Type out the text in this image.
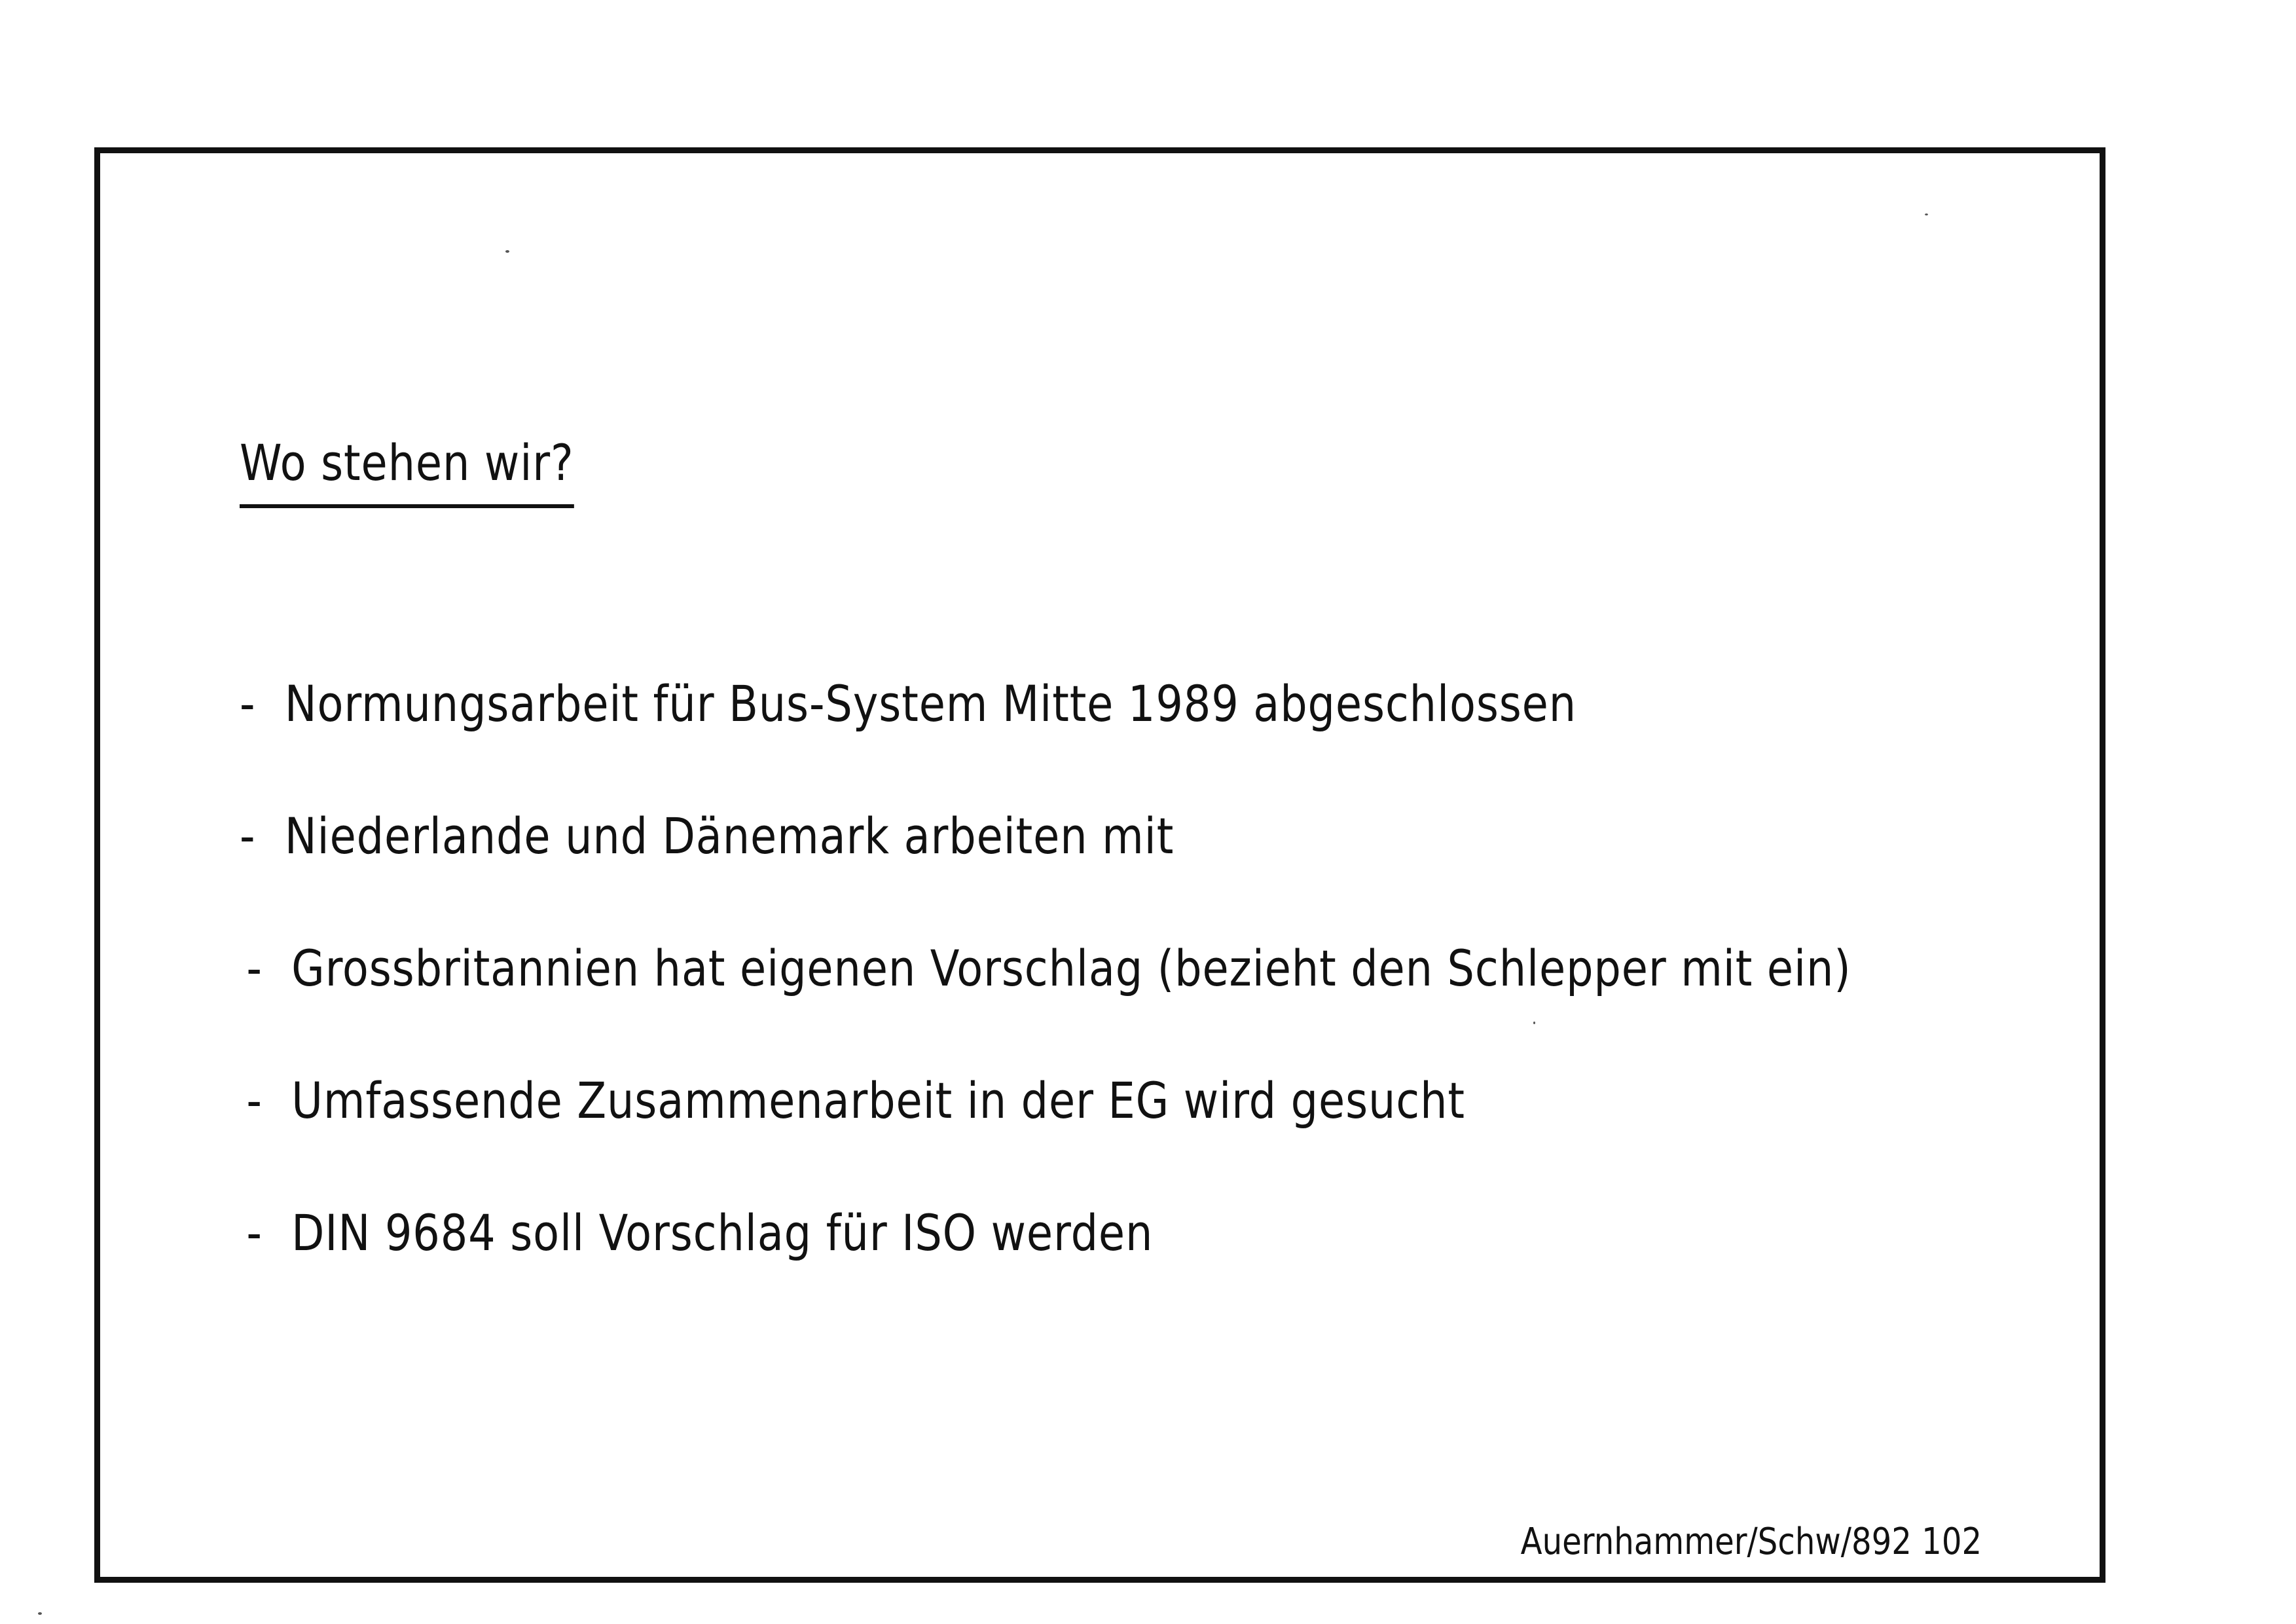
Wo stehen wir?
- Normungsarbeit für Bus-System Mitte 1989 abgeschlossen
- Niederlande und Dänemark arbeiten mit
- Grossbritannien hat eigenen Vorschlag (bezieht den Schlepper mit ein)
- Umfassende Zusammenarbeit in der EG wird gesucht
- DIN 9684 soll Vorschlag für ISO werden
Auernhammer/Schw/892 102
